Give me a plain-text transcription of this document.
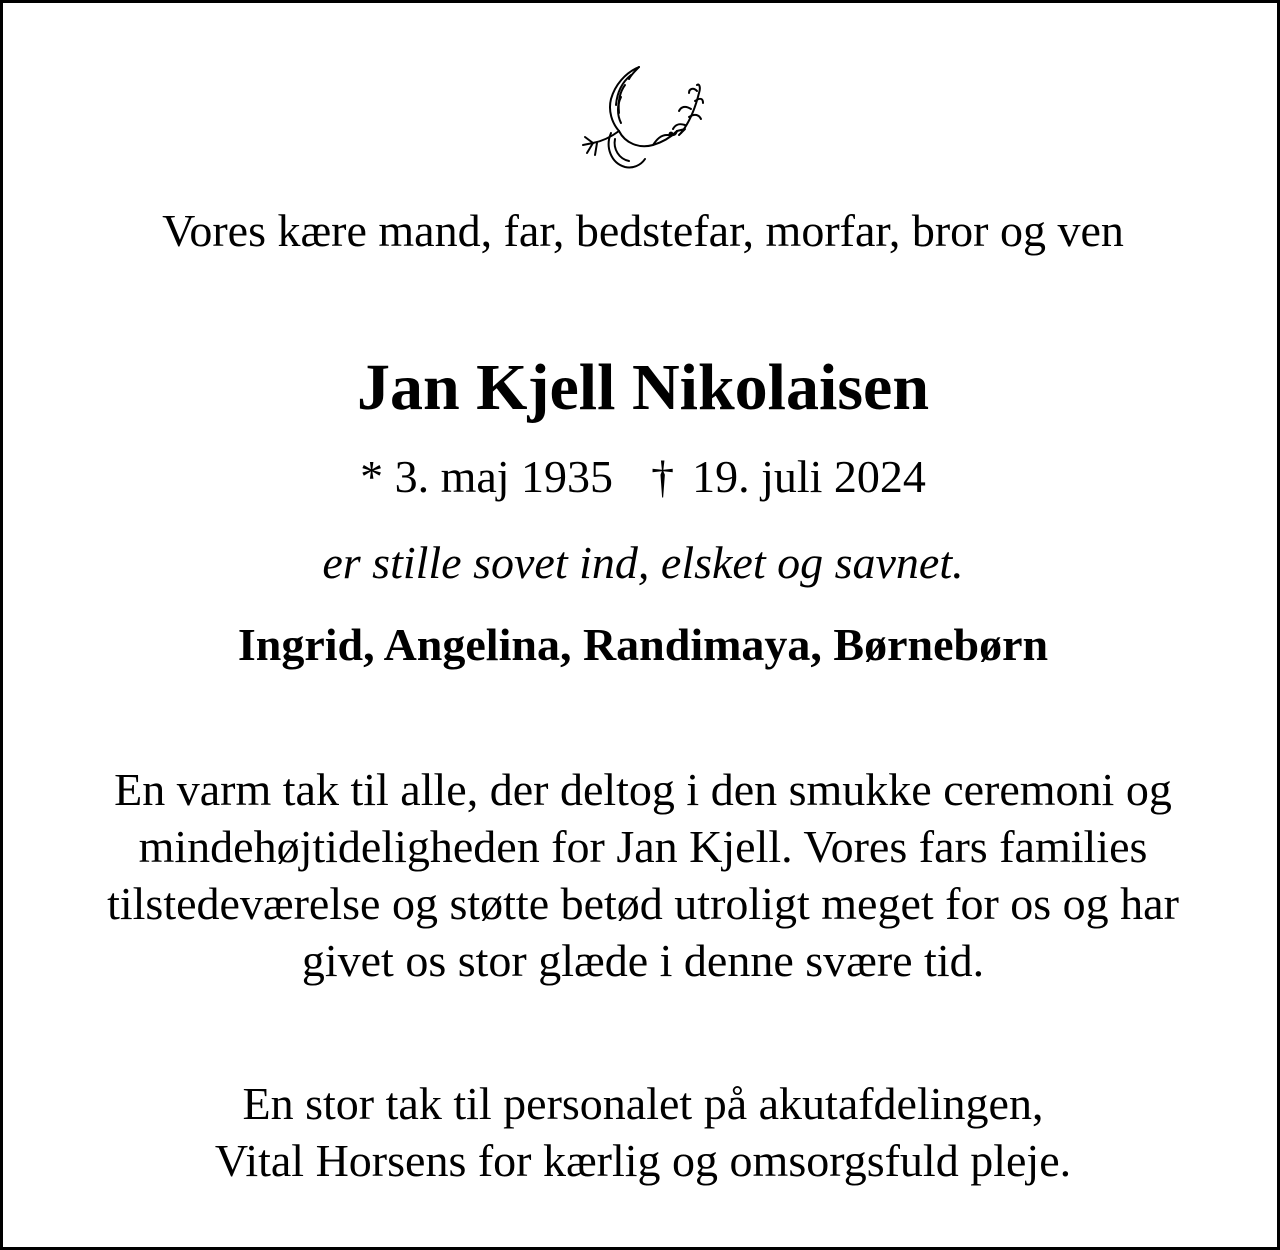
Vores kære mand, far, bedstefar, morfar, bror og ven
Jan Kjell Nikolaisen
* 3. maj 1935 † 19. juli 2024
er stille sovet ind, elsket og savnet.
Ingrid, Angelina, Randimaya, Børnebørn
En varm tak til alle, der deltog i den smukke ceremoni og
mindehøjtideligheden for Jan Kjell. Vores fars families
tilstedeværelse og støtte betød utroligt meget for os og har
givet os stor glæde i denne svære tid.
En stor tak til personalet på akutafdelingen,
Vital Horsens for kærlig og omsorgsfuld pleje.
